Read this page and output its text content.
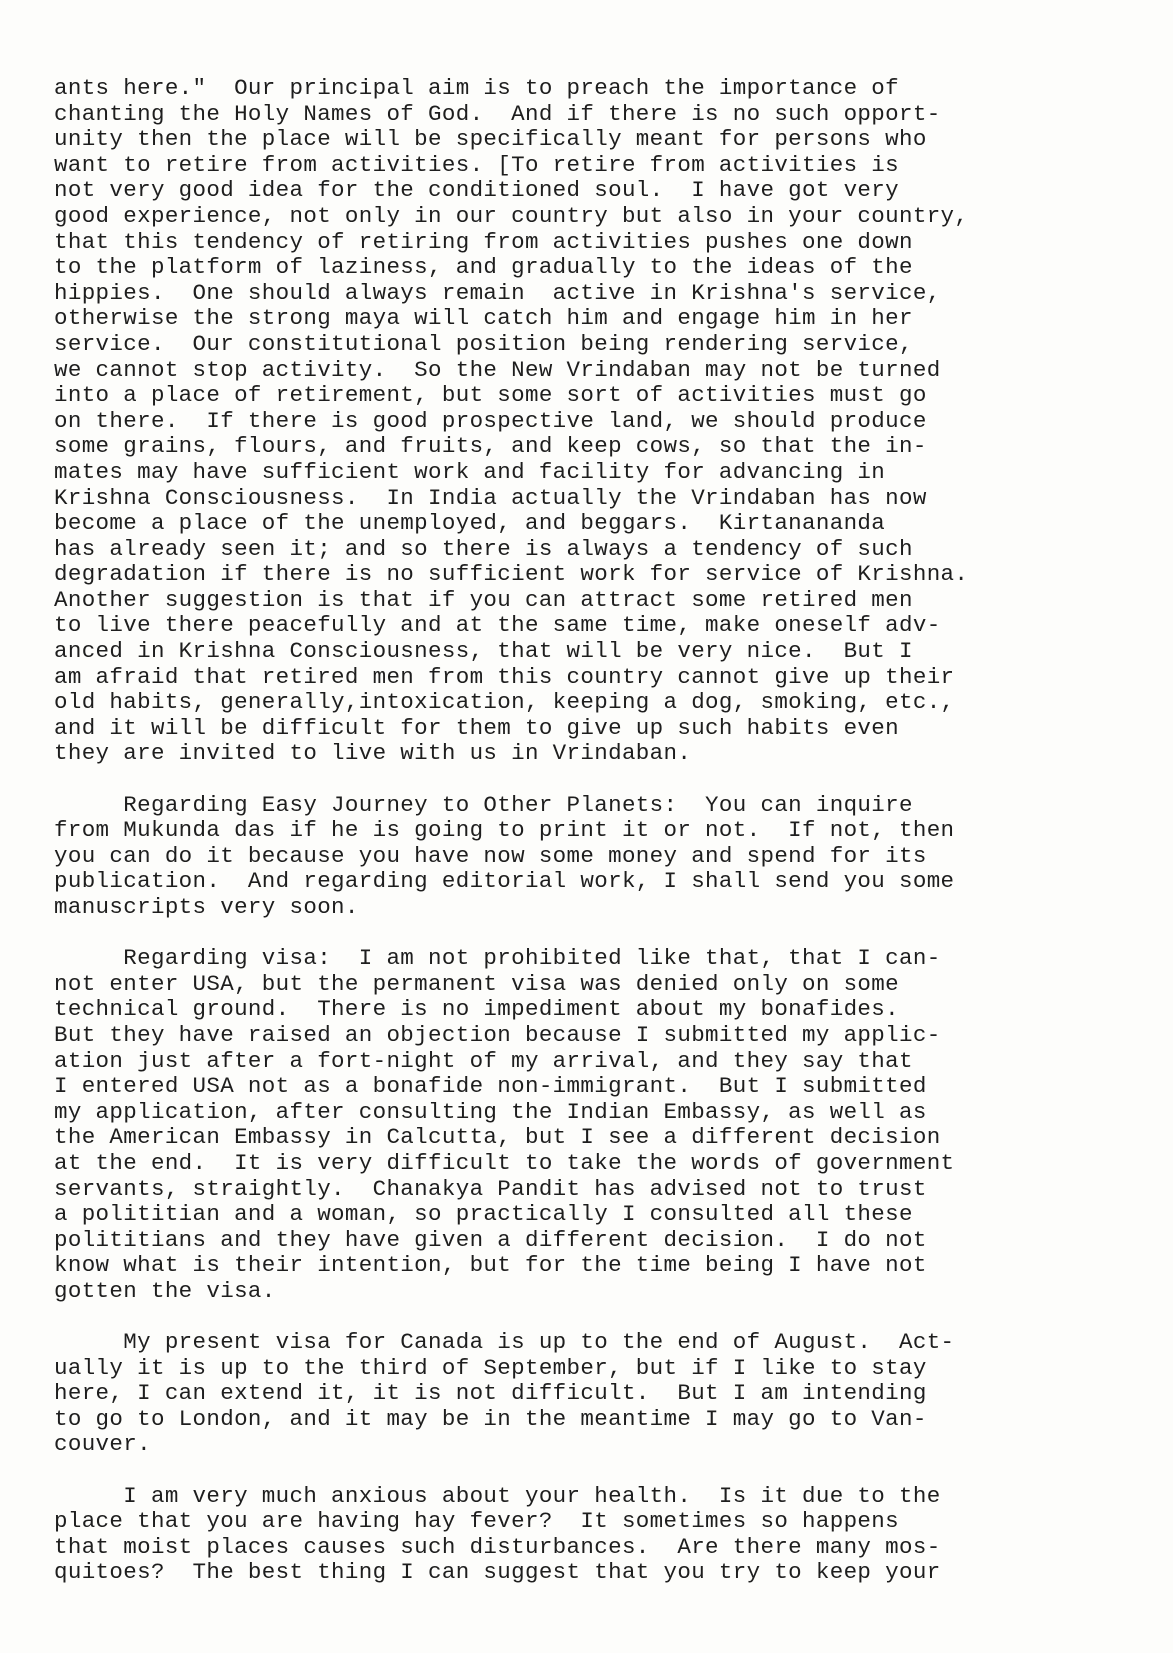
ants here."  Our principal aim is to preach the importance of
chanting the Holy Names of God.  And if there is no such opport-
unity then the place will be specifically meant for persons who
want to retire from activities. [To retire from activities is
not very good idea for the conditioned soul.  I have got very
good experience, not only in our country but also in your country,
that this tendency of retiring from activities pushes one down
to the platform of laziness, and gradually to the ideas of the
hippies.  One should always remain  active in Krishna's service,
otherwise the strong maya will catch him and engage him in her
service.  Our constitutional position being rendering service,
we cannot stop activity.  So the New Vrindaban may not be turned
into a place of retirement, but some sort of activities must go
on there.  If there is good prospective land, we should produce
some grains, flours, and fruits, and keep cows, so that the in-
mates may have sufficient work and facility for advancing in
Krishna Consciousness.  In India actually the Vrindaban has now
become a place of the unemployed, and beggars.  Kirtanananda
has already seen it; and so there is always a tendency of such
degradation if there is no sufficient work for service of Krishna.
Another suggestion is that if you can attract some retired men
to live there peacefully and at the same time, make oneself adv-
anced in Krishna Consciousness, that will be very nice.  But I
am afraid that retired men from this country cannot give up their
old habits, generally,intoxication, keeping a dog, smoking, etc.,
and it will be difficult for them to give up such habits even
they are invited to live with us in Vrindaban.
Regarding Easy Journey to Other Planets:  You can inquire
from Mukunda das if he is going to print it or not.  If not, then
you can do it because you have now some money and spend for its
publication.  And regarding editorial work, I shall send you some
manuscripts very soon.
Regarding visa:  I am not prohibited like that, that I can-
not enter USA, but the permanent visa was denied only on some
technical ground.  There is no impediment about my bonafides.
But they have raised an objection because I submitted my applic-
ation just after a fort-night of my arrival, and they say that
I entered USA not as a bonafide non-immigrant.  But I submitted
my application, after consulting the Indian Embassy, as well as
the American Embassy in Calcutta, but I see a different decision
at the end.  It is very difficult to take the words of government
servants, straightly.  Chanakya Pandit has advised not to trust
a polititian and a woman, so practically I consulted all these
polititians and they have given a different decision.  I do not
know what is their intention, but for the time being I have not
gotten the visa.
My present visa for Canada is up to the end of August.  Act-
ually it is up to the third of September, but if I like to stay
here, I can extend it, it is not difficult.  But I am intending
to go to London, and it may be in the meantime I may go to Van-
couver.
I am very much anxious about your health.  Is it due to the
place that you are having hay fever?  It sometimes so happens
that moist places causes such disturbances.  Are there many mos-
quitoes?  The best thing I can suggest that you try to keep your
